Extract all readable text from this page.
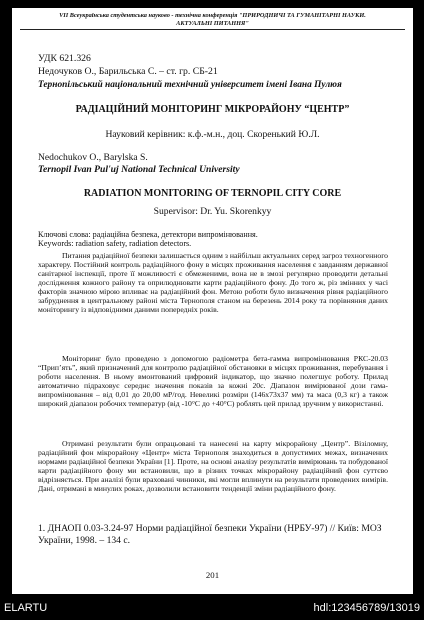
VII Всеукраїнська студентська науково - технічна конференція "ПРИРОДНИЧІ ТА ГУМАНІТАРНІ НАУКИ.
АКТУАЛЬНІ ПИТАННЯ"
УДК 621.326
Недочуков О., Барильська С. – ст. гр. СБ-21
Тернопільський національний технічний університет імені Івана Пулюя
РАДІАЦІЙНИЙ МОНІТОРИНГ МІКРОРАЙОНУ “ЦЕНТР”
Науковий керівник: к.ф.-м.н., доц. Скоренький Ю.Л.
Nedochukov O., Barylska S.
Ternopil Ivan Pul'uj National Technical University
RADIATION MONITORING OF TERNOPIL CITY CORE
Supervisor: Dr. Yu. Skorenkyy
Ключові слова: радіаційна безпека, детектори випромінювання.
Keywords: radiation safety, radiation detectors.
Питання радіаційної безпеки залишається одним з найбільш актуальних серед загроз техногенного характеру. Постійний контроль радіаційного фону в місцях проживання населення є завданням державної санітарної інспекції, проте її можливості є обмеженими, вона не в змозі регулярно проводити детальні дослідження кожного району та оприлюднювати карти радіаційного фону. До того ж, різ змінних у часі факторів значною мірою впливає на радіаційний фон. Метою роботи було визначення рівня радіаційного забруднення в центральному районі міста Тернополя станом на березень 2014 року та порівняння даних моніторингу із відповідними даними попередніх років.
Моніторинг було проведено з допомогою радіометра бета-гамма випромінювання РКС-20.03 “Прип’ять”, який призначений для контролю радіаційної обстановки в місцях проживання, перебування і роботи населення. В ньому вмонтований цифровий індикатор, що значно полегшує роботу. Прилад автоматично підраховує середнє значення показів за кожні 20с. Діапазон вимірюваної дози гама-випромінювання – від 0,01 до 20,00 мР/год. Невеликі розміри (146х73х37 мм) та маса (0,3 кг) а також широкий діапазон робочих температур (від -10°С до +40°С) роблять цей прилад зручним у використанні.
Отримані результати були опрацьовані та нанесені на карту мікрорайону „Центр”. Візіломну, радіаційний фон мікрорайону «Центр» міста Тернополя знаходиться в допустимих межах, визначених нормами радіаційної безпеки України [1]. Проте, на основі аналізу результатів вимірювань та побудованої карти радіаційного фону ми встановили, що в різних точках мікрорайону радіаційний фон суттєво відрізняється. При аналізі були враховані чинники, які могли вплинути на результати проведених вимірів. Дані, отримані в минулих роках, дозволили встановити тенденції зміни радіаційного фону.
1. ДНАОП 0.03-3.24-97 Норми радіаційної безпеки України (НРБУ-97) // Київ: МОЗ України, 1998. – 134 с.
201
ELARTU	hdl:123456789/13019
